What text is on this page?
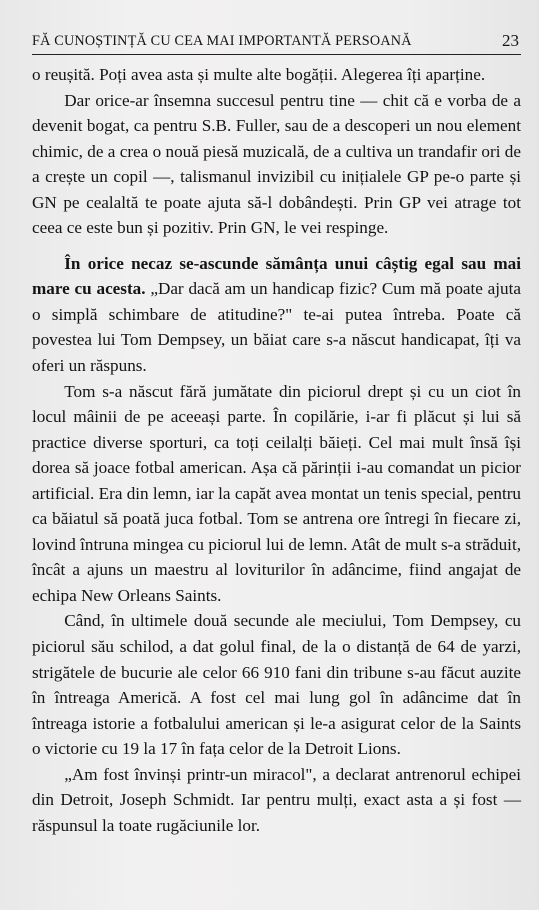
FĂ CUNOȘTINȚĂ CU CEA MAI IMPORTANTĂ PERSOANĂ	23

o reușită. Poți avea asta și multe alte bogății. Alegerea îți aparține.

Dar orice-ar însemna succesul pentru tine — chit că e vorba de a devenit bogat, ca pentru S.B. Fuller, sau de a descoperi un nou element chimic, de a crea o nouă piesă muzicală, de a cultiva un trandafir ori de a crește un copil —, talismanul invizibil cu inițialele GP pe-o parte și GN pe cealaltă te poate ajuta să-l dobândești. Prin GP vei atrage tot ceea ce este bun și pozitiv. Prin GN, le vei respinge.

În orice necaz se-ascunde sămânța unui câștig egal sau mai mare cu acesta. „Dar dacă am un handicap fizic? Cum mă poate ajuta o simplă schimbare de atitudine?" te-ai putea întreba. Poate că povestea lui Tom Dempsey, un băiat care s-a născut handicapat, îți va oferi un răspuns.

Tom s-a născut fără jumătate din piciorul drept și cu un ciot în locul mâinii de pe aceeași parte. În copilărie, i-ar fi plăcut și lui să practice diverse sporturi, ca toți ceilalți băieți. Cel mai mult însă își dorea să joace fotbal american. Așa că părinții i-au comandat un picior artificial. Era din lemn, iar la capăt avea montat un tenis special, pentru ca băiatul să poată juca fotbal. Tom se antrena ore întregi în fiecare zi, lovind întruna mingea cu piciorul lui de lemn. Atât de mult s-a străduit, încât a ajuns un maestru al loviturilor în adâncime, fiind angajat de echipa New Orleans Saints.

Când, în ultimele două secunde ale meciului, Tom Dempsey, cu piciorul său schilod, a dat golul final, de la o distanță de 64 de yarzi, strigătele de bucurie ale celor 66 910 fani din tribune s-au făcut auzite în întreaga Americă. A fost cel mai lung gol în adâncime dat în întreaga istorie a fotbalului american și le-a asigurat celor de la Saints o victorie cu 19 la 17 în fața celor de la Detroit Lions.

„Am fost învinși printr-un miracol", a declarat antrenorul echipei din Detroit, Joseph Schmidt. Iar pentru mulți, exact asta a și fost — răspunsul la toate rugăciunile lor.
